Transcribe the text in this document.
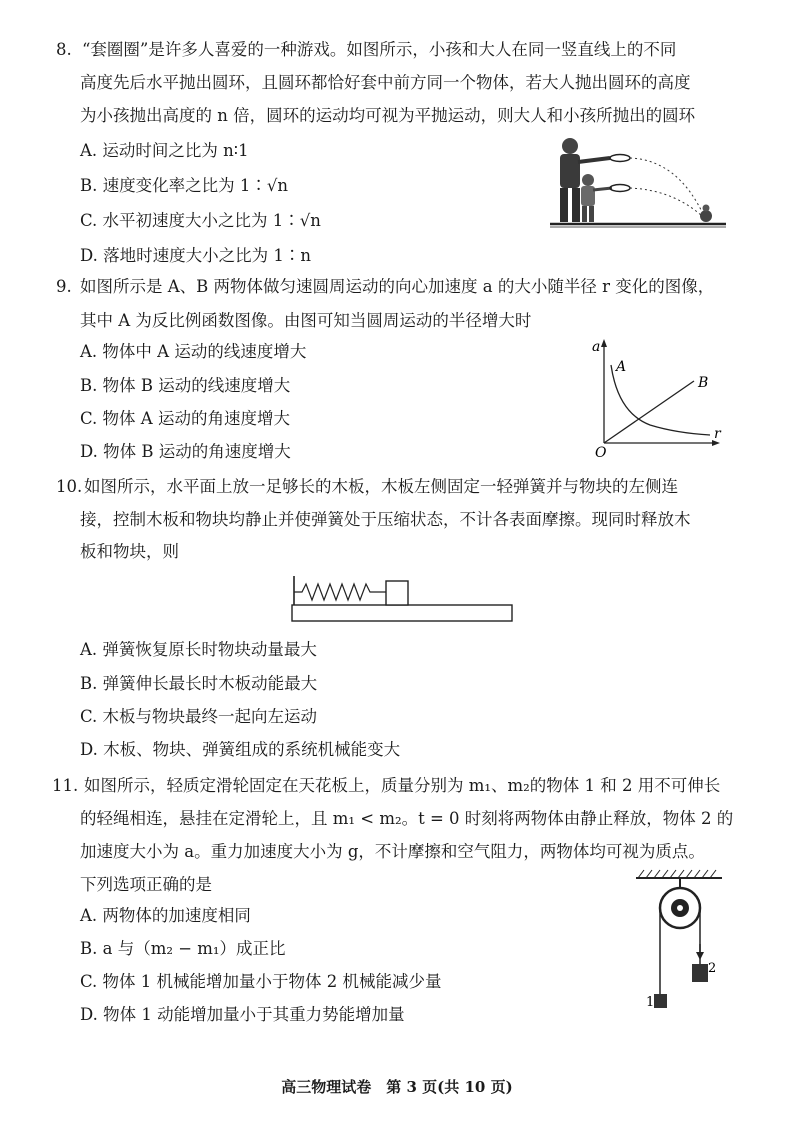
8. “套圈圈”是许多人喜爱的一种游戏。如图所示，小孩和大人在同一竖直线上的不同
高度先后水平抛出圆环，且圆环都恰好套中前方同一个物体，若大人抛出圆环的高度
为小孩抛出高度的 n 倍，圆环的运动均可视为平抛运动，则大人和小孩所抛出的圆环
A. 运动时间之比为 n∶1
B. 速度变化率之比为 1∶√n
C. 水平初速度大小之比为 1∶√n
D. 落地时速度大小之比为 1∶n
9. 如图所示是 A、B 两物体做匀速圆周运动的向心加速度 a 的大小随半径 r 变化的图像，
其中 A 为反比例函数图像。由图可知当圆周运动的半径增大时
A. 物体中 A 运动的线速度增大
B. 物体 B 运动的线速度增大
C. 物体 A 运动的角速度增大
D. 物体 B 运动的角速度增大
a
r
O
A
B
10. 如图所示，水平面上放一足够长的木板，木板左侧固定一轻弹簧并与物块的左侧连
接，控制木板和物块均静止并使弹簧处于压缩状态，不计各表面摩擦。现同时释放木
板和物块，则
A. 弹簧恢复原长时物块动量最大
B. 弹簧伸长最长时木板动能最大
C. 木板与物块最终一起向左运动
D. 木板、物块、弹簧组成的系统机械能变大
11. 如图所示，轻质定滑轮固定在天花板上，质量分别为 m₁、m₂的物体 1 和 2 用不可伸长
的轻绳相连，悬挂在定滑轮上，且 m₁ < m₂。t = 0 时刻将两物体由静止释放，物体 2 的
加速度大小为 a。重力加速度大小为 g，不计摩擦和空气阻力，两物体均可视为质点。
下列选项正确的是
A. 两物体的加速度相同
B. a 与（m₂ − m₁）成正比
C. 物体 1 机械能增加量小于物体 2 机械能减少量
D. 物体 1 动能增加量小于其重力势能增加量
1
2
高三物理试卷　第 3 页(共 10 页)
